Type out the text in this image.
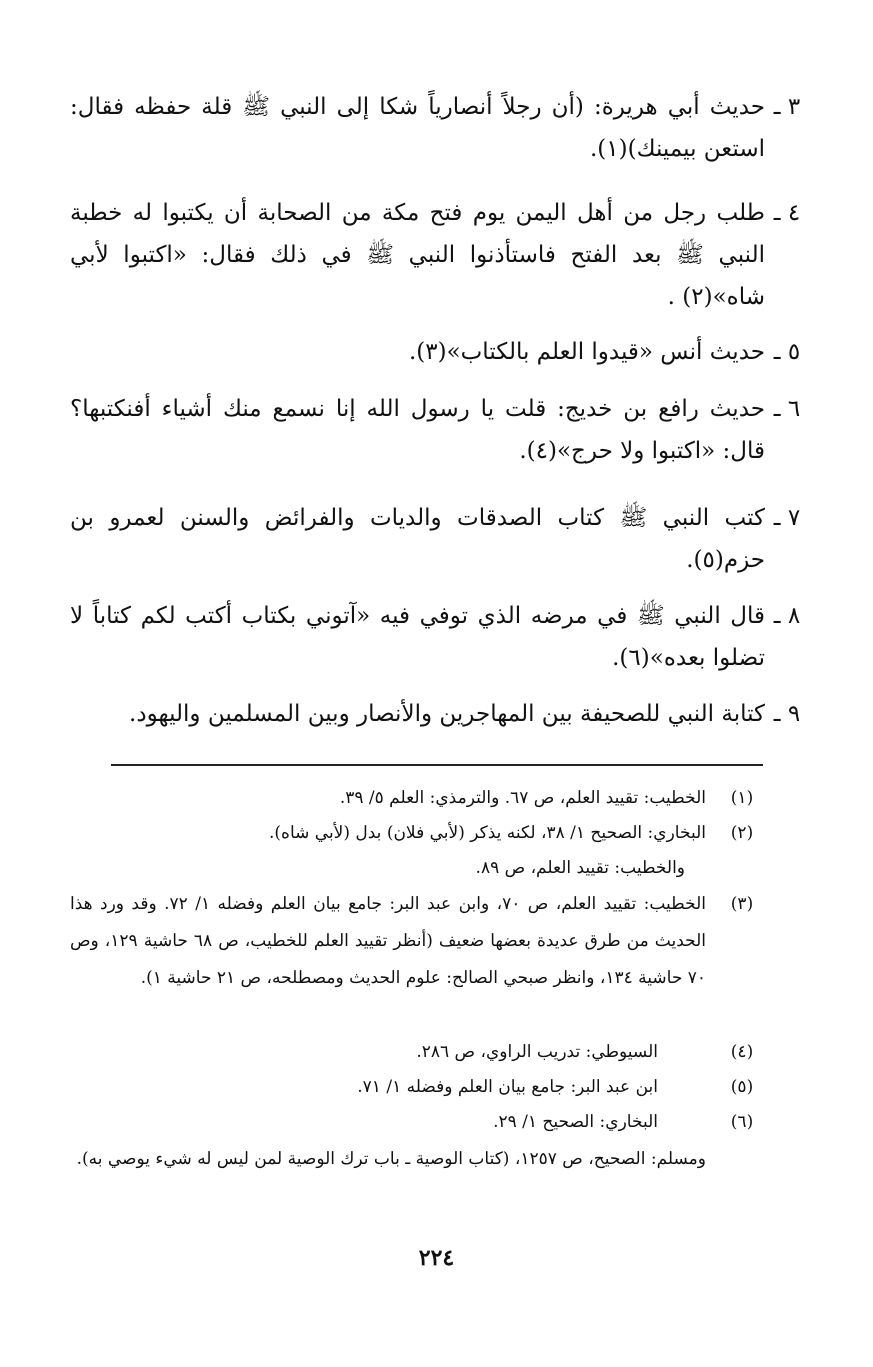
٣ ـ
حديث أبي هريرة: (أن رجلاً أنصارياً شكا إلى النبي ﷺ قلة حفظه فقال: استعن بيمينك)(١).
٤ ـ
طلب رجل من أهل اليمن يوم فتح مكة من الصحابة أن يكتبوا له خطبة النبي ﷺ بعد الفتح فاستأذنوا النبي ﷺ في ذلك فقال: «اكتبوا لأبي شاه»(٢) .
٥ ـ
حديث أنس «قيدوا العلم بالكتاب»(٣).
٦ ـ
حديث رافع بن خديج: قلت يا رسول الله إنا نسمع منك أشياء أفنكتبها؟ قال: «اكتبوا ولا حرج»(٤).
٧ ـ
كتب النبي ﷺ كتاب الصدقات والديات والفرائض والسنن لعمرو بن حزم(٥).
٨ ـ
قال النبي ﷺ في مرضه الذي توفي فيه «آتوني بكتاب أكتب لكم كتاباً لا تضلوا بعده»(٦).
٩ ـ
كتابة النبي للصحيفة بين المهاجرين والأنصار وبين المسلمين واليهود.
(١)
الخطيب: تقييد العلم، ص ٦٧. والترمذي: العلم ٥/ ٣٩.
(٢)
البخاري: الصحيح ١/ ٣٨، لكنه يذكر (لأبي فلان) بدل (لأبي شاه).
والخطيب: تقييد العلم، ص ٨٩.
(٣)
الخطيب: تقييد العلم، ص ٧٠، وابن عبد البر: جامع بيان العلم وفضله ١/ ٧٢. وقد ورد هذا الحديث من طرق عديدة بعضها ضعيف (أنظر تقييد العلم للخطيب، ص ٦٨ حاشية ١٢٩، وص ٧٠ حاشية ١٣٤، وانظر صبحي الصالح: علوم الحديث ومصطلحه، ص ٢١ حاشية ١).
(٤)
السيوطي: تدريب الراوي، ص ٢٨٦.
(٥)
ابن عبد البر: جامع بيان العلم وفضله ١/ ٧١.
(٦)
البخاري: الصحيح ١/ ٢٩.
ومسلم: الصحيح، ص ١٢٥٧، (كتاب الوصية ـ باب ترك الوصية لمن ليس له شيء يوصي به).
٢٢٤
